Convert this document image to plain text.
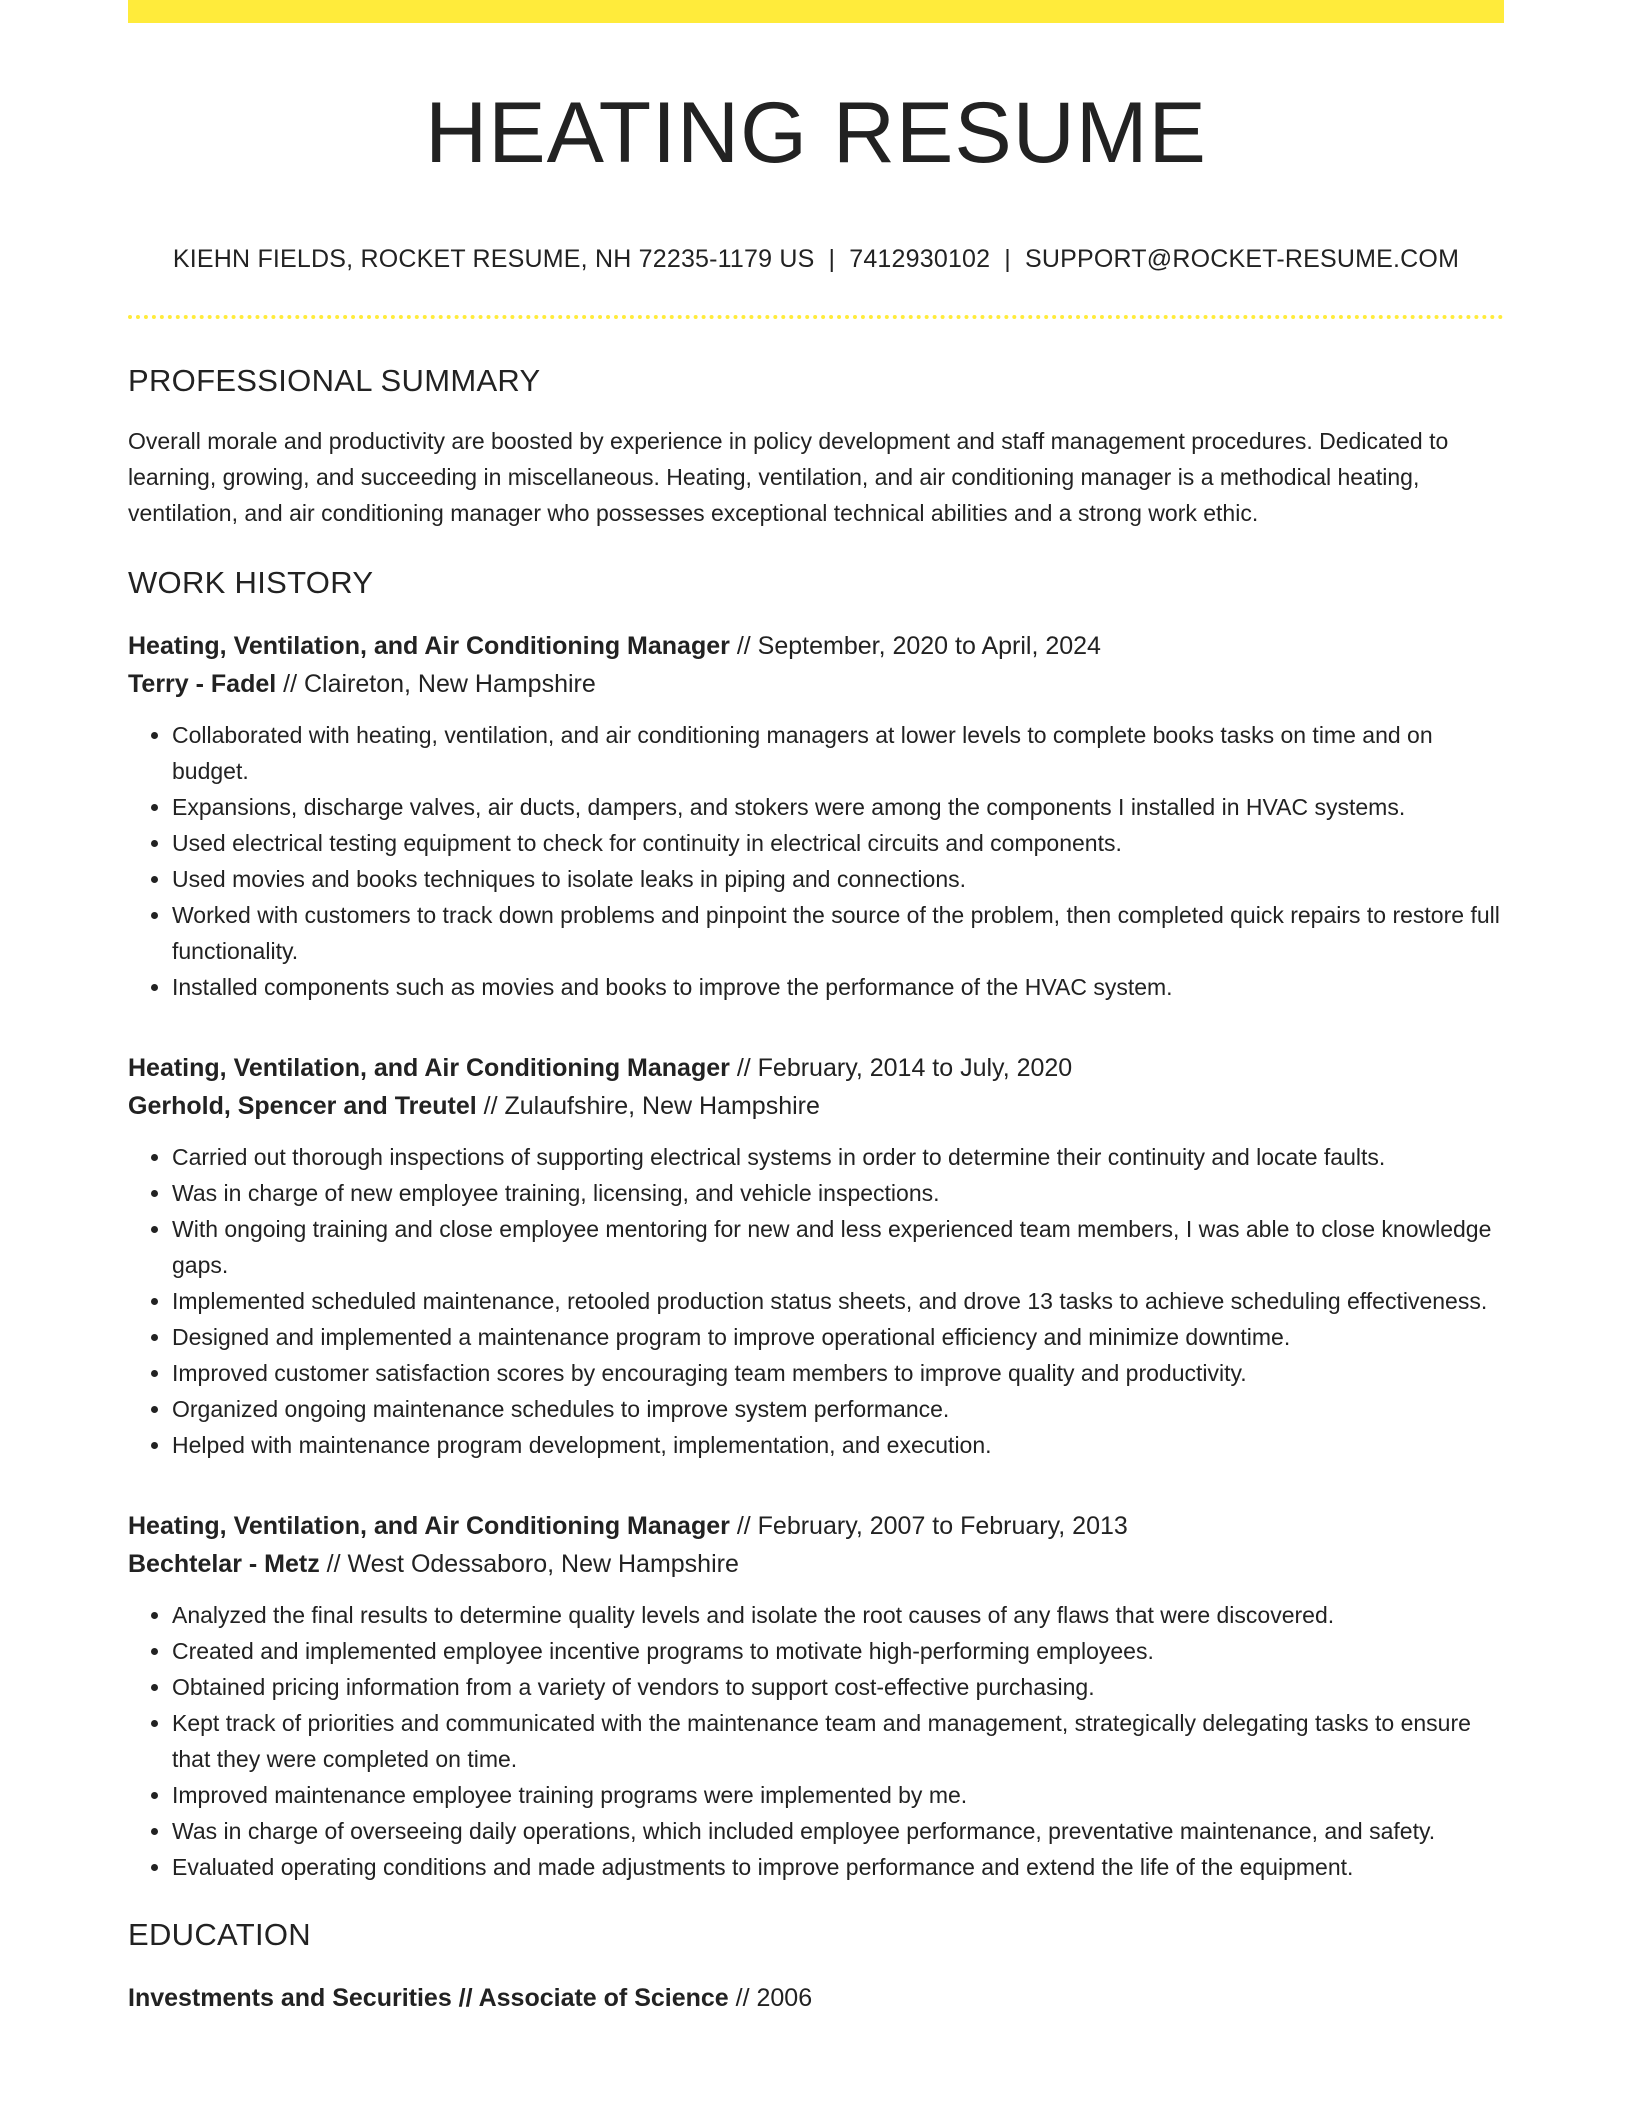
HEATING RESUME
KIEHN FIELDS, ROCKET RESUME, NH 72235-1179 US | 7412930102 | SUPPORT@ROCKET-RESUME.COM
PROFESSIONAL SUMMARY

Overall morale and productivity are boosted by experience in policy development and staff management procedures. Dedicated to learning, growing, and succeeding in miscellaneous. Heating, ventilation, and air conditioning manager is a methodical heating, ventilation, and air conditioning manager who possesses exceptional technical abilities and a strong work ethic.

WORK HISTORY
Heating, Ventilation, and Air Conditioning Manager // September, 2020 to April, 2024
Terry - Fadel // Claireton, New Hampshire
• Collaborated with heating, ventilation, and air conditioning managers at lower levels to complete books tasks on time and on budget.
• Expansions, discharge valves, air ducts, dampers, and stokers were among the components I installed in HVAC systems.
• Used electrical testing equipment to check for continuity in electrical circuits and components.
• Used movies and books techniques to isolate leaks in piping and connections.
• Worked with customers to track down problems and pinpoint the source of the problem, then completed quick repairs to restore full functionality.
• Installed components such as movies and books to improve the performance of the HVAC system.
Heating, Ventilation, and Air Conditioning Manager // February, 2014 to July, 2020
Gerhold, Spencer and Treutel // Zulaufshire, New Hampshire
• Carried out thorough inspections of supporting electrical systems in order to determine their continuity and locate faults.
• Was in charge of new employee training, licensing, and vehicle inspections.
• With ongoing training and close employee mentoring for new and less experienced team members, I was able to close knowledge gaps.
• Implemented scheduled maintenance, retooled production status sheets, and drove 13 tasks to achieve scheduling effectiveness.
• Designed and implemented a maintenance program to improve operational efficiency and minimize downtime.
• Improved customer satisfaction scores by encouraging team members to improve quality and productivity.
• Organized ongoing maintenance schedules to improve system performance.
• Helped with maintenance program development, implementation, and execution.
Heating, Ventilation, and Air Conditioning Manager // February, 2007 to February, 2013
Bechtelar - Metz // West Odessaboro, New Hampshire
• Analyzed the final results to determine quality levels and isolate the root causes of any flaws that were discovered.
• Created and implemented employee incentive programs to motivate high-performing employees.
• Obtained pricing information from a variety of vendors to support cost-effective purchasing.
• Kept track of priorities and communicated with the maintenance team and management, strategically delegating tasks to ensure that they were completed on time.
• Improved maintenance employee training programs were implemented by me.
• Was in charge of overseeing daily operations, which included employee performance, preventative maintenance, and safety.
• Evaluated operating conditions and made adjustments to improve performance and extend the life of the equipment.
EDUCATION
Investments and Securities // Associate of Science // 2006
